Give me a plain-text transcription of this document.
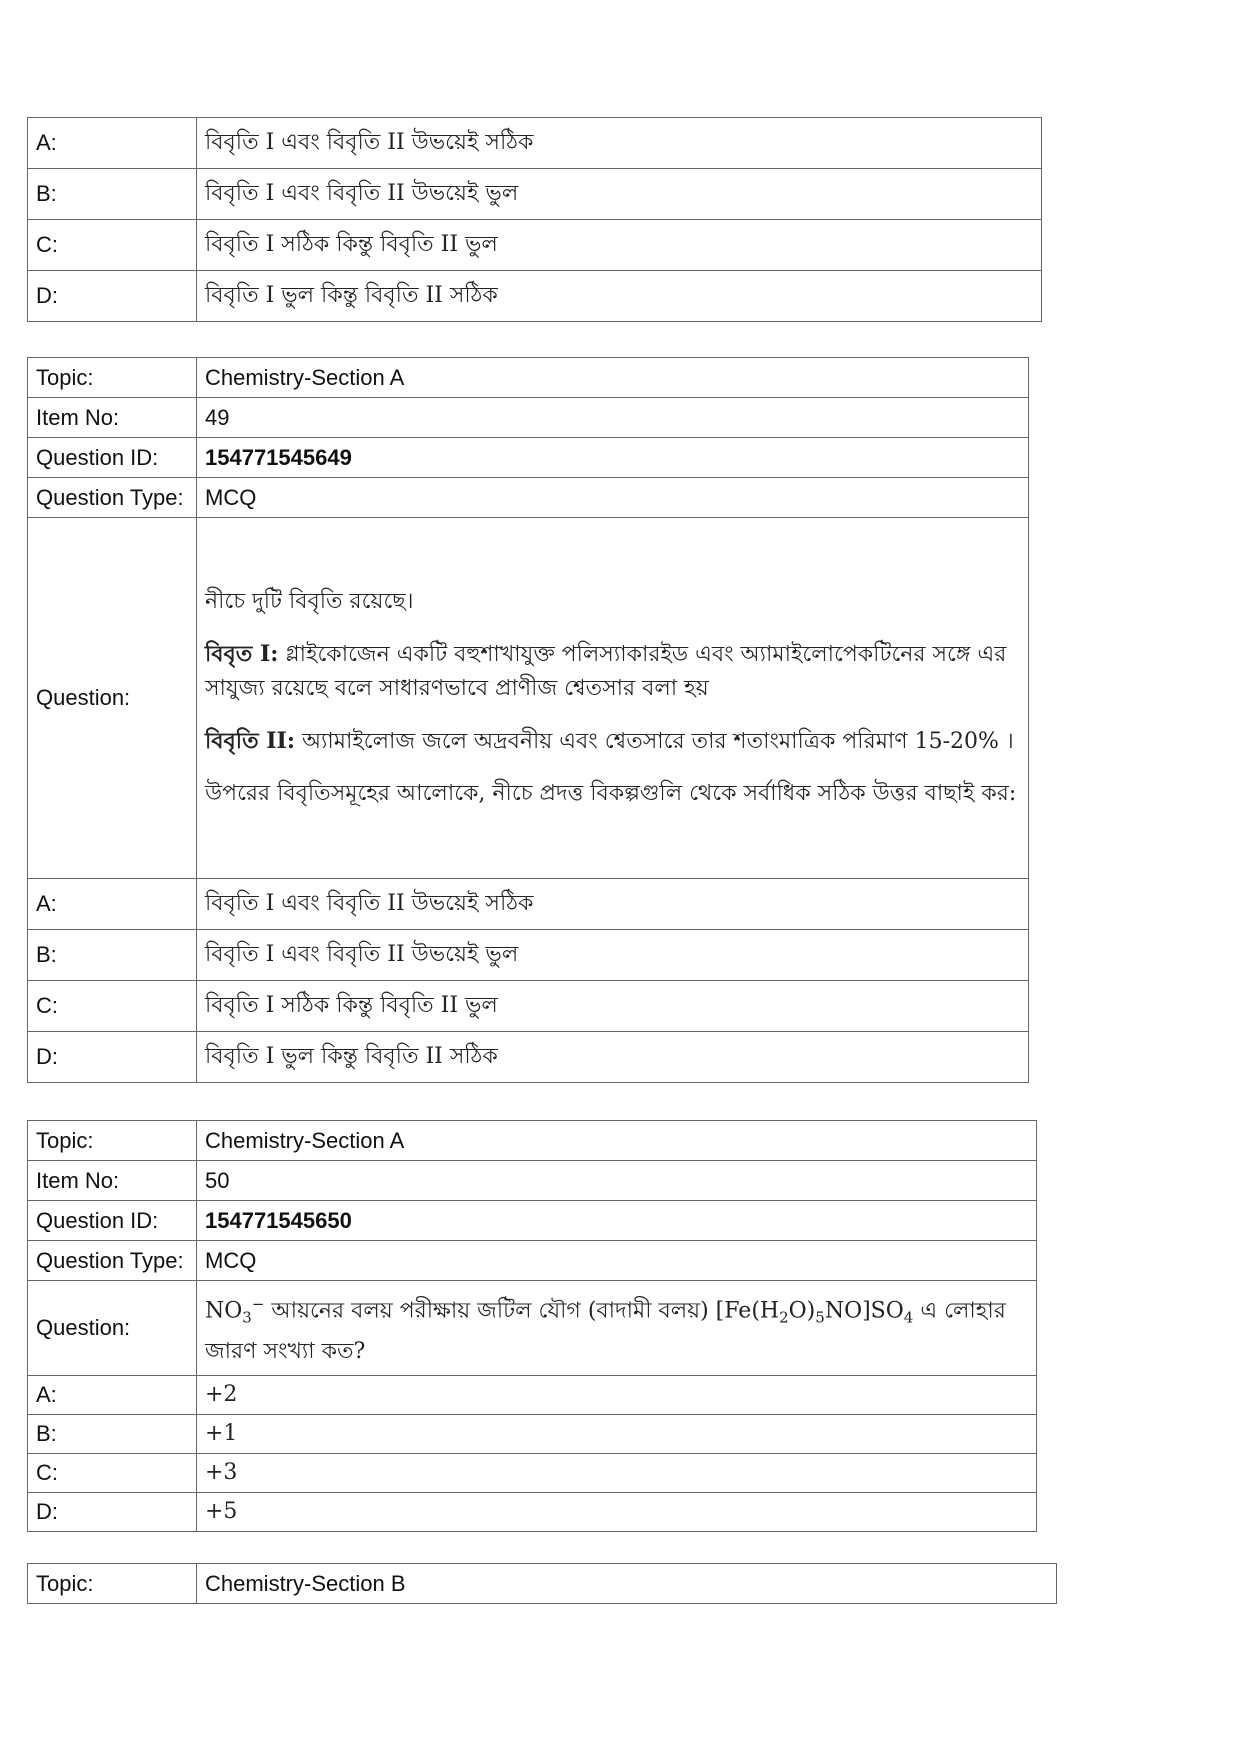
A:	বিবৃতি I এবং বিবৃতি II উভয়েই সঠিক
B:	বিবৃতি I এবং বিবৃতি II উভয়েই ভুল
C:	বিবৃতি I সঠিক কিন্তু বিবৃতি II ভুল
D:	বিবৃতি I ভুল কিন্তু বিবৃতি II সঠিক
Topic:	Chemistry-Section A
Item No:	49
Question ID:	154771545649
Question Type:	MCQ
Question:	নীচে দুটি বিবৃতি রয়েছে।

বিবৃত I: গ্লাইকোজেন একটি বহুশাখাযুক্ত পলিস্যাকারইড এবং অ্যামাইলোপেকটিনের সঙ্গে এর সাযুজ্য রয়েছে বলে সাধারণভাবে প্রাণীজ শ্বেতসার বলা হয়

বিবৃতি II: অ্যামাইলোজ জলে অদ্রবনীয় এবং শ্বেতসারে তার শতাংমাত্রিক পরিমাণ 15-20% ।

উপরের বিবৃতিসমূহের আলোকে, নীচে প্রদত্ত বিকল্পগুলি থেকে সর্বাধিক সঠিক উত্তর বাছাই কর:

A:	বিবৃতি I এবং বিবৃতি II উভয়েই সঠিক
B:	বিবৃতি I এবং বিবৃতি II উভয়েই ভুল
C:	বিবৃতি I সঠিক কিন্তু বিবৃতি II ভুল
D:	বিবৃতি I ভুল কিন্তু বিবৃতি II সঠিক
Topic:	Chemistry-Section A
Item No:	50
Question ID:	154771545650
Question Type:	MCQ
Question:	$NO_3^-$ আয়নের বলয় পরীক্ষায় জটিল যৌগ (বাদামী বলয়) $[Fe(H_2O)_5NO]SO_4$ এ লোহার জারণ সংখ্যা কত?

A:	+2
B:	+1
C:	+3
D:	+5
Topic:	Chemistry-Section B
